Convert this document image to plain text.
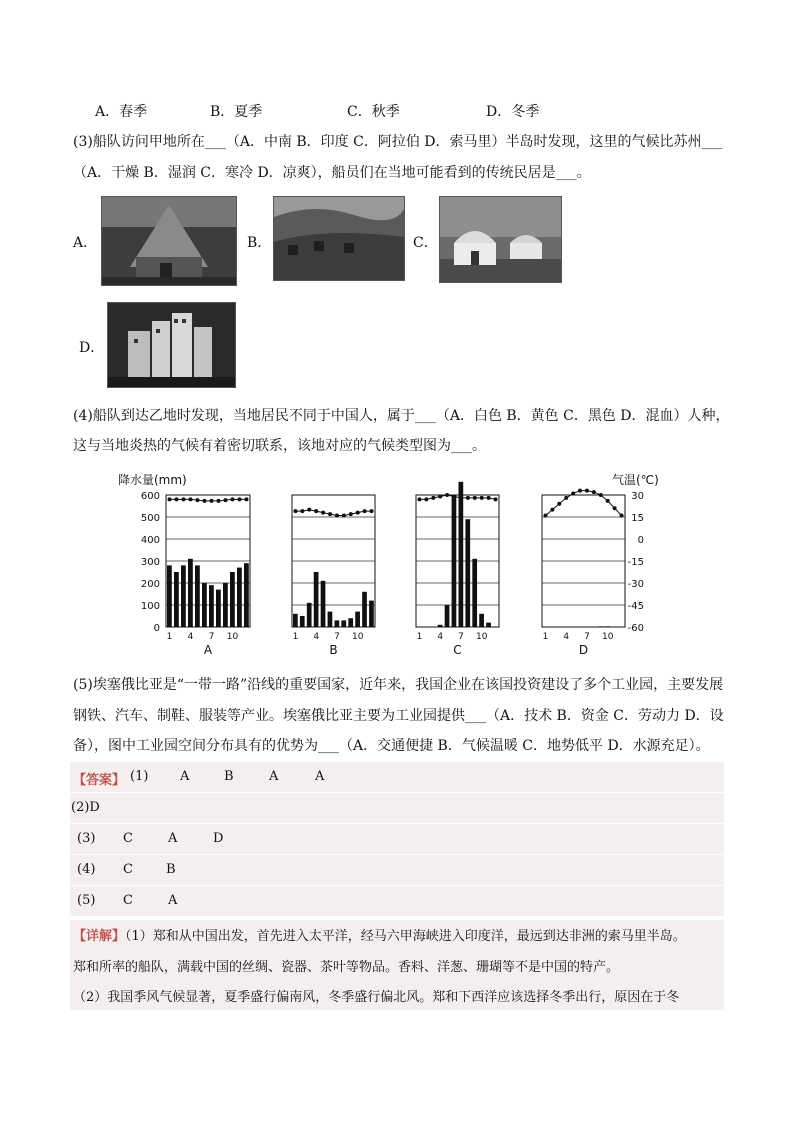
A．春季	B．夏季	C．秋季	D．冬季
(3)船队访问甲地所在___（A．中南 B．印度 C．阿拉伯 D．索马里）半岛时发现，这里的气候比苏州___
（A．干燥 B．湿润 C．寒冷 D．凉爽），船员们在当地可能看到的传统民居是___。
A．	B．	C．
D．
(4)船队到达乙地时发现，当地居民不同于中国人，属于___（A．白色 B．黄色 C．黑色 D．混血）人种，
这与当地炎热的气候有着密切联系，该地对应的气候类型图为___。
降水量(mm)
600
500
400
300
200
100
0
气温(℃)
30
15
0
-15
-30
-45
-60
1 4 7 10
A
1 4 7 10
B
1 4 7 10
C
1 4 7 10
D
(5)埃塞俄比亚是“一带一路”沿线的重要国家，近年来，我国企业在该国投资建设了多个工业园，主要发展
钢铁、汽车、制鞋、服装等产业。埃塞俄比亚主要为工业园提供___（A．技术 B．资金 C．劳动力 D．设
备），图中工业园空间分布具有的优势为___（A．交通便捷 B．气候温暖 C．地势低平 D．水源充足）。
【答案】 (1) A	B	A	A
(2)D
(3) C	A	D
(4) C	B
(5) C	A
【详解】（1）郑和从中国出发，首先进入太平洋，经马六甲海峡进入印度洋，最远到达非洲的索马里半岛。
郑和所率的船队，满载中国的丝绸、瓷器、茶叶等物品。香料、洋葱、珊瑚等不是中国的特产。
（2）我国季风气候显著，夏季盛行偏南风，冬季盛行偏北风。郑和下西洋应该选择冬季出行，原因在于冬
